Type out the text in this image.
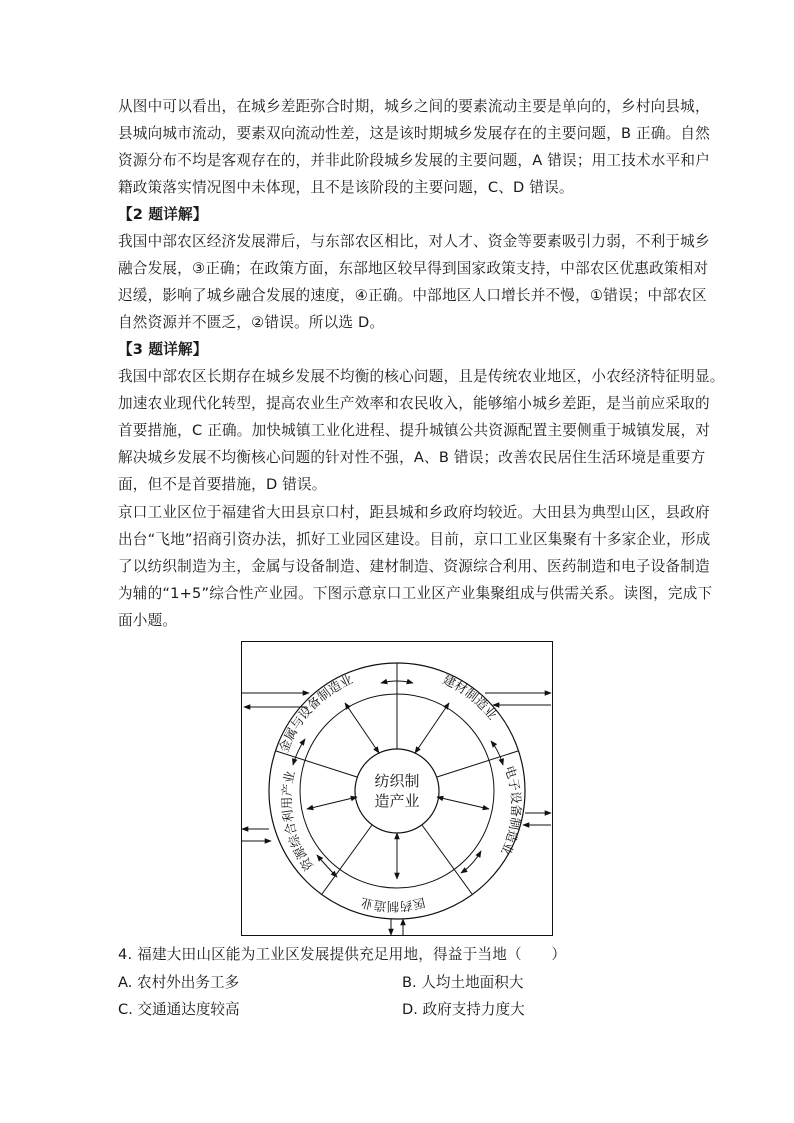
从图中可以看出，在城乡差距弥合时期，城乡之间的要素流动主要是单向的，乡村向县城，
县城向城市流动，要素双向流动性差，这是该时期城乡发展存在的主要问题，B 正确。自然
资源分布不均是客观存在的，并非此阶段城乡发展的主要问题，A 错误；用工技术水平和户
籍政策落实情况图中未体现，且不是该阶段的主要问题，C、D 错误。
【2 题详解】
我国中部农区经济发展滞后，与东部农区相比，对人才、资金等要素吸引力弱，不利于城乡
融合发展，③正确；在政策方面，东部地区较早得到国家政策支持，中部农区优惠政策相对
迟缓，影响了城乡融合发展的速度，④正确。中部地区人口增长并不慢，①错误；中部农区
自然资源并不匮乏，②错误。所以选 D。
【3 题详解】
我国中部农区长期存在城乡发展不均衡的核心问题，且是传统农业地区，小农经济特征明显。
加速农业现代化转型，提高农业生产效率和农民收入，能够缩小城乡差距，是当前应采取的
首要措施，C 正确。加快城镇工业化进程、提升城镇公共资源配置主要侧重于城镇发展，对
解决城乡发展不均衡核心问题的针对性不强，A、B 错误；改善农民居住生活环境是重要方
面，但不是首要措施，D 错误。
京口工业区位于福建省大田县京口村，距县城和乡政府均较近。大田县为典型山区，县政府
出台“飞地”招商引资办法，抓好工业园区建设。目前，京口工业区集聚有十多家企业，形成
了以纺织制造为主，金属与设备制造、建材制造、资源综合利用、医药制造和电子设备制造
为辅的“1+5”综合性产业园。下图示意京口工业区产业集聚组成与供需关系。读图，完成下
面小题。
纺织制
造产业
金属与设备制造业	建材制造业
电子设备制造业
医药制造业
资源综合利用产业
4. 福建大田山区能为工业区发展提供充足用地，得益于当地（　　）
A. 农村外出务工多	B. 人均土地面积大
C. 交通通达度较高	D. 政府支持力度大
